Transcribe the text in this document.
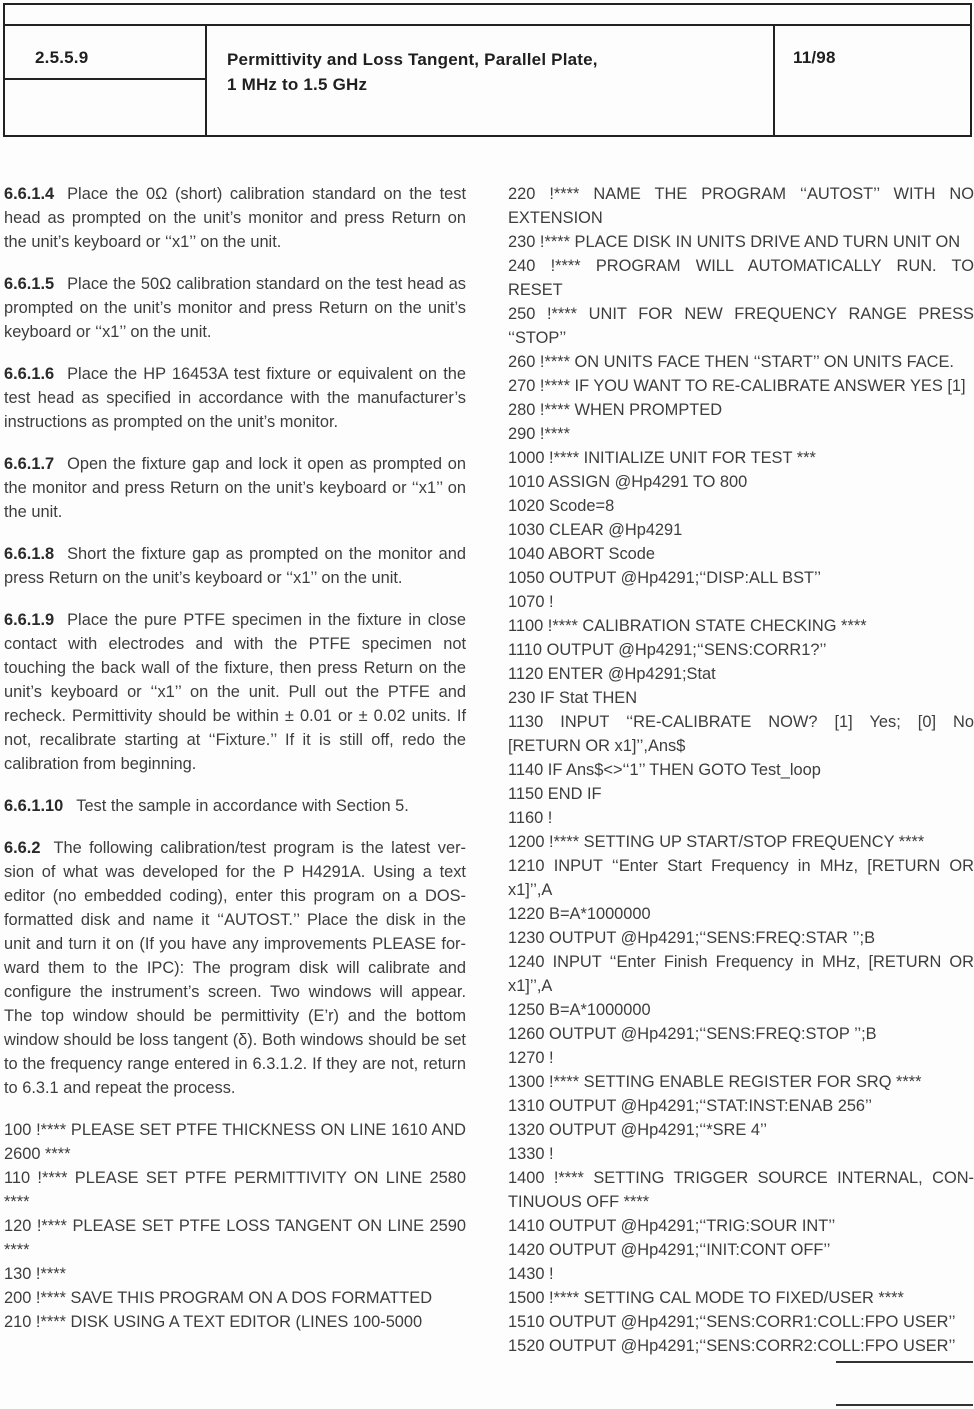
2.5.5.9	Permittivity and Loss Tangent, Parallel Plate,
1 MHz to 1.5 GHz
11/98

6.6.1.4 Place the 0Ω (short) calibration standard on the test head as prompted on the unit’s monitor and press Return on the unit’s keyboard or ‘‘x1’’ on the unit.

6.6.1.5 Place the 50Ω calibration standard on the test head as prompted on the unit’s monitor and press Return on the unit’s keyboard or ‘‘x1’’ on the unit.

6.6.1.6 Place the HP 16453A test fixture or equivalent on the test head as specified in accordance with the manufacturer’s instructions as prompted on the unit’s monitor.

6.6.1.7 Open the fixture gap and lock it open as prompted on the monitor and press Return on the unit’s keyboard or ‘‘x1’’ on the unit.

6.6.1.8 Short the fixture gap as prompted on the monitor and press Return on the unit’s keyboard or ‘‘x1’’ on the unit.

6.6.1.9 Place the pure PTFE specimen in the fixture in close contact with electrodes and with the PTFE specimen not touching the back wall of the fixture, then press Return on the unit’s keyboard or ‘‘x1’’ on the unit. Pull out the PTFE and recheck. Permittivity should be within ± 0.01 or ± 0.02 units. If not, recalibrate starting at ‘‘Fixture.’’ If it is still off, redo the calibration from beginning.

6.6.1.10 Test the sample in accordance with Section 5.

6.6.2 The following calibration/test program is the latest version of what was developed for the P H4291A. Using a text editor (no embedded coding), enter this program on a DOS-formatted disk and name it ‘‘AUTOST.’’ Place the disk in the unit and turn it on (If you have any improvements PLEASE forward them to the IPC): The program disk will calibrate and configure the instrument’s screen. Two windows will appear. The top window should be permittivity (E’r) and the bottom window should be loss tangent (δ). Both windows should be set to the frequency range entered in 6.3.1.2. If they are not, return to 6.3.1 and repeat the process.

100 !**** PLEASE SET PTFE THICKNESS ON LINE 1610 AND
2600 ****
110 !**** PLEASE SET PTFE PERMITTIVITY ON LINE 2580
****
120 !**** PLEASE SET PTFE LOSS TANGENT ON LINE 2590
****
130 !****
200 !**** SAVE THIS PROGRAM ON A DOS FORMATTED
210 !**** DISK USING A TEXT EDITOR (LINES 100-5000
220 !**** NAME THE PROGRAM ‘‘AUTOST’’ WITH NO
EXTENSION
230 !**** PLACE DISK IN UNITS DRIVE AND TURN UNIT ON
240 !**** PROGRAM WILL AUTOMATICALLY RUN. TO
RESET
250 !**** UNIT FOR NEW FREQUENCY RANGE PRESS
‘‘STOP’’
260 !**** ON UNITS FACE THEN ‘‘START’’ ON UNITS FACE.
270 !**** IF YOU WANT TO RE-CALIBRATE ANSWER YES [1]
280 !**** WHEN PROMPTED
290 !****
1000 !**** INITIALIZE UNIT FOR TEST ***
1010 ASSIGN @Hp4291 TO 800
1020 Scode=8
1030 CLEAR @Hp4291
1040 ABORT Scode
1050 OUTPUT @Hp4291;‘‘DISP:ALL BST’’
1070 !
1100 !**** CALIBRATION STATE CHECKING ****
1110 OUTPUT @Hp4291;‘‘SENS:CORR1?’’
1120 ENTER @Hp4291;Stat
230 IF Stat THEN
1130 INPUT ‘‘RE-CALIBRATE NOW? [1] Yes; [0] No
[RETURN OR x1]’’,Ans$
1140 IF Ans$<>‘‘1’’ THEN GOTO Test_loop
1150 END IF
1160 !
1200 !**** SETTING UP START/STOP FREQUENCY ****
1210 INPUT ‘‘Enter Start Frequency in MHz, [RETURN OR
x1]’’,A
1220 B=A*1000000
1230 OUTPUT @Hp4291;‘‘SENS:FREQ:STAR ’’;B
1240 INPUT ‘‘Enter Finish Frequency in MHz, [RETURN OR
x1]’’,A
1250 B=A*1000000
1260 OUTPUT @Hp4291;‘‘SENS:FREQ:STOP ’’;B
1270 !
1300 !**** SETTING ENABLE REGISTER FOR SRQ ****
1310 OUTPUT @Hp4291;‘‘STAT:INST:ENAB 256’’
1320 OUTPUT @Hp4291;‘‘*SRE 4’’
1330 !
1400 !**** SETTING TRIGGER SOURCE INTERNAL, CON-
TINUOUS OFF ****
1410 OUTPUT @Hp4291;‘‘TRIG:SOUR INT’’
1420 OUTPUT @Hp4291;‘‘INIT:CONT OFF’’
1430 !
1500 !**** SETTING CAL MODE TO FIXED/USER ****
1510 OUTPUT @Hp4291;‘‘SENS:CORR1:COLL:FPO USER’’
1520 OUTPUT @Hp4291;‘‘SENS:CORR2:COLL:FPO USER’’
